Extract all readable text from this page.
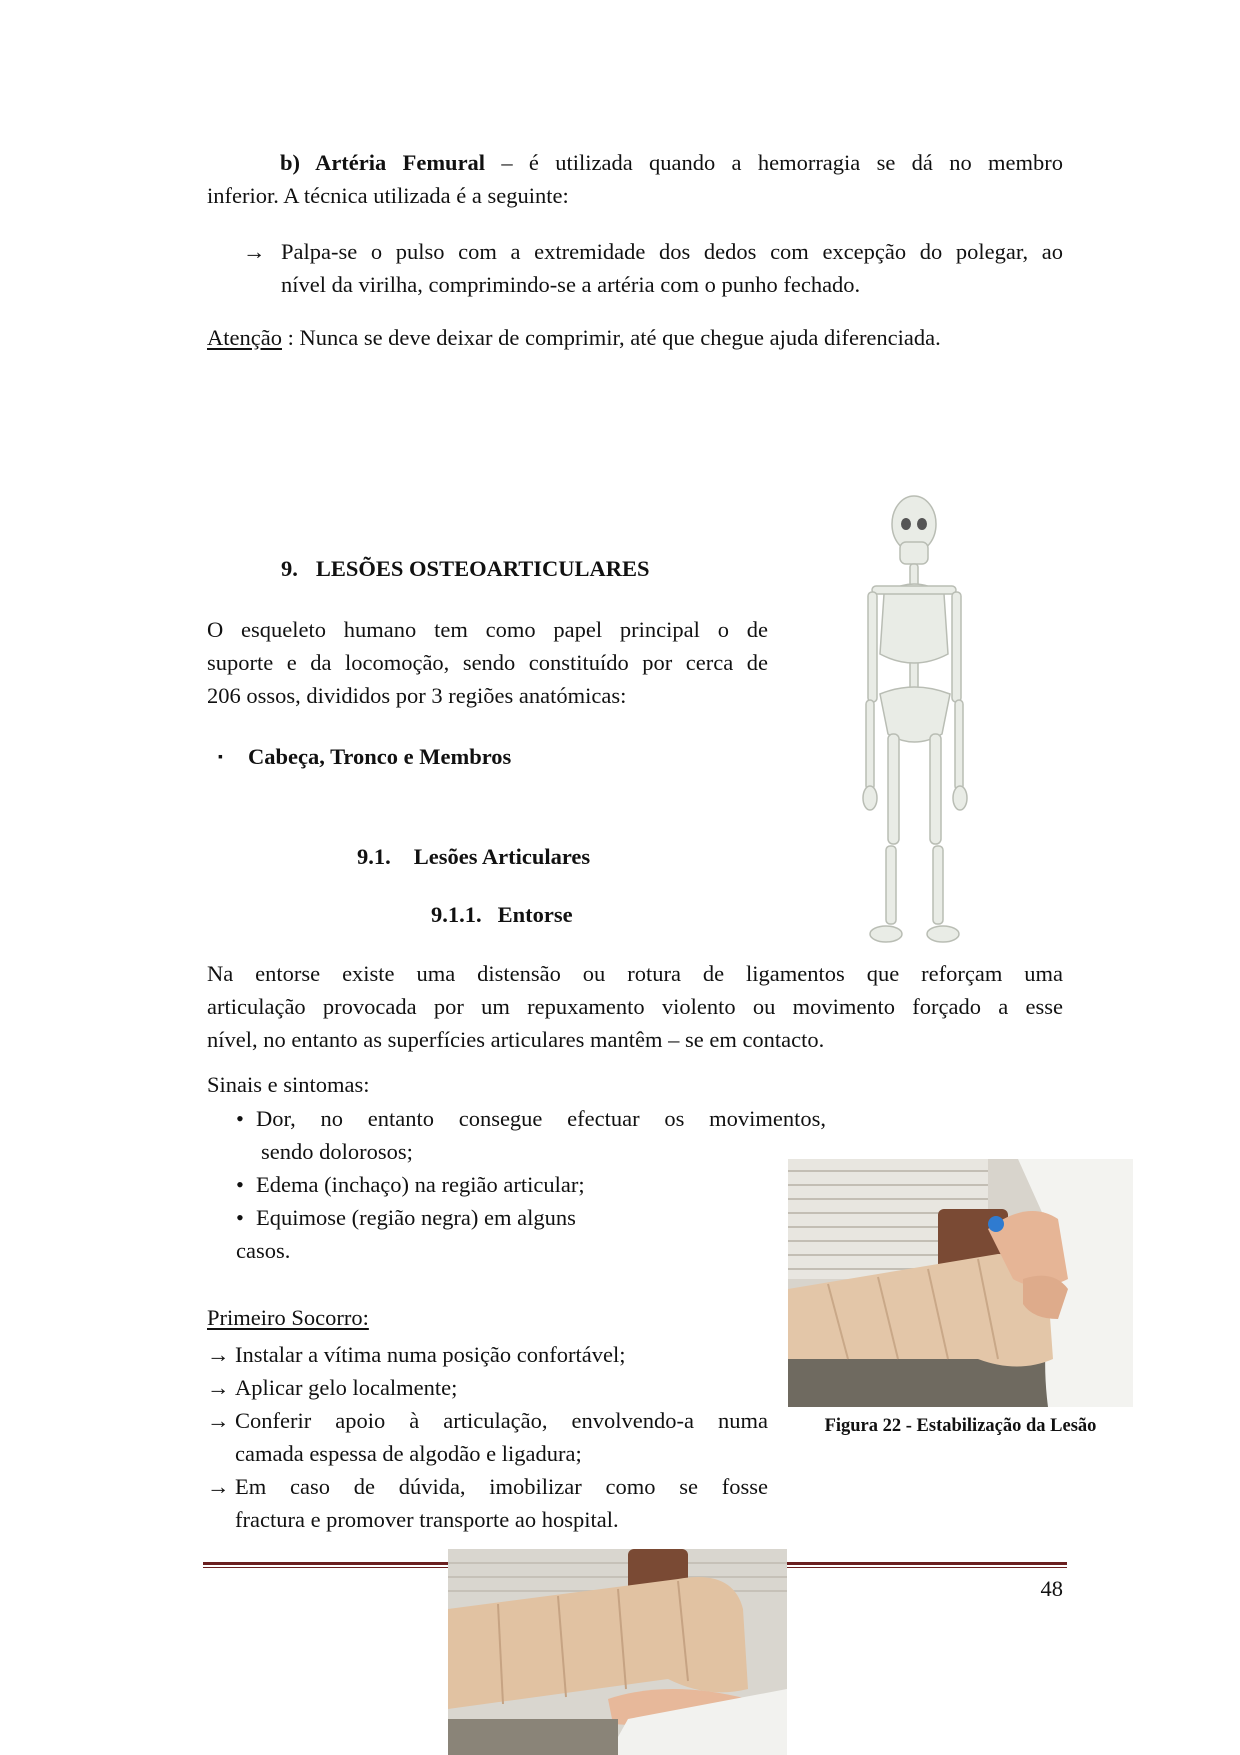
b) Artéria Femural – é utilizada quando a hemorragia se dá no membro
inferior. A técnica utilizada é a seguinte:
→ Palpa-se o pulso com a extremidade dos dedos com excepção do polegar, ao
nível da virilha, comprimindo-se a artéria com o punho fechado.
Atenção : Nunca se deve deixar de comprimir, até que chegue ajuda diferenciada.
9. LESÕES OSTEOARTICULARES
O esqueleto humano tem como papel principal o de
suporte e da locomoção, sendo constituído por cerca de
206 ossos, divididos por 3 regiões anatómicas:
▪ Cabeça, Tronco e Membros
9.1. Lesões Articulares
9.1.1. Entorse
Na entorse existe uma distensão ou rotura de ligamentos que reforçam uma
articulação provocada por um repuxamento violento ou movimento forçado a esse
nível, no entanto as superfícies articulares mantêm – se em contacto.
Sinais e sintomas:
• Dor, no entanto consegue efectuar os movimentos,
sendo dolorosos;
• Edema (inchaço) na região articular;
• Equimose (região negra) em alguns
casos.
Primeiro Socorro:
→ Instalar a vítima numa posição confortável;
→ Aplicar gelo localmente;
→ Conferir apoio à articulação, envolvendo-a numa
camada espessa de algodão e ligadura;
→ Em caso de dúvida, imobilizar como se fosse
fractura e promover transporte ao hospital.
Figura 22 - Estabilização da Lesão
48
